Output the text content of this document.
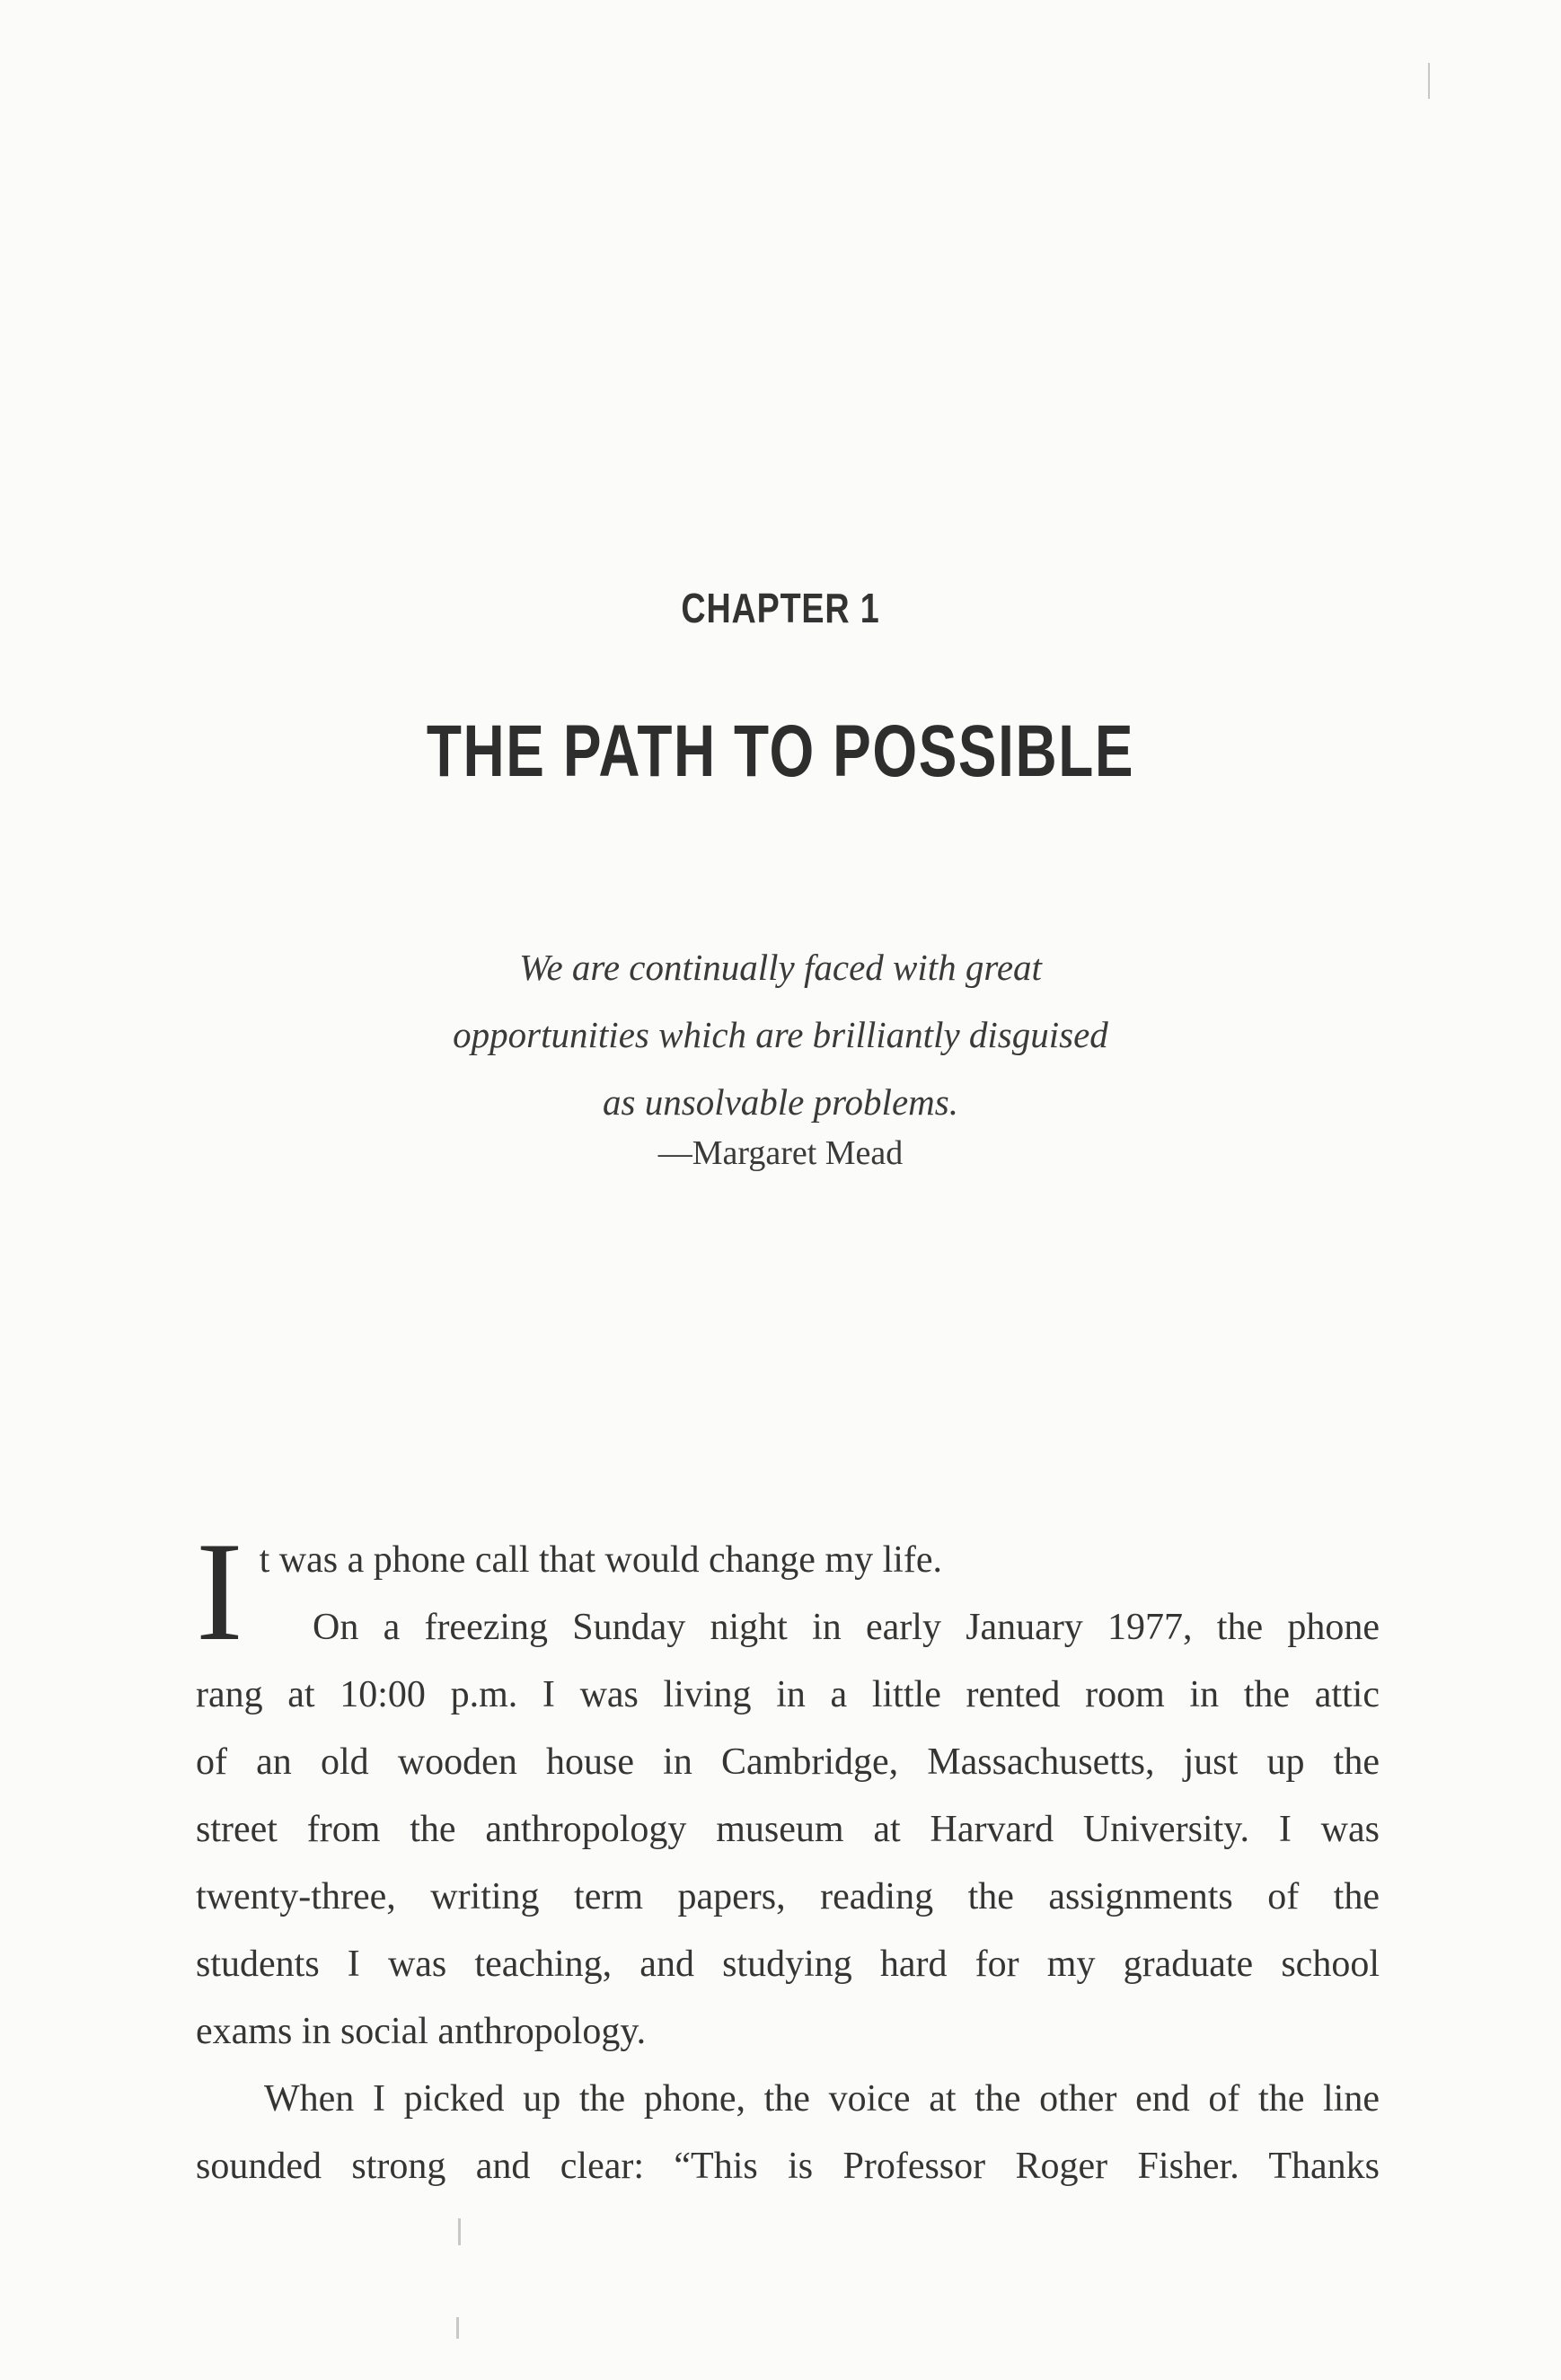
CHAPTER 1
THE PATH TO POSSIBLE
We are continually faced with great
opportunities which are brilliantly disguised
as unsolvable problems.
—Margaret Mead
I t was a phone call that would change my life.
On a freezing Sunday night in early January 1977, the phone
rang at 10:00 p.m. I was living in a little rented room in the attic
of an old wooden house in Cambridge, Massachusetts, just up the
street from the anthropology museum at Harvard University. I was
twenty-three, writing term papers, reading the assignments of the
students I was teaching, and studying hard for my graduate school
exams in social anthropology.
When I picked up the phone, the voice at the other end of the line
sounded strong and clear: “This is Professor Roger Fisher. Thanks
